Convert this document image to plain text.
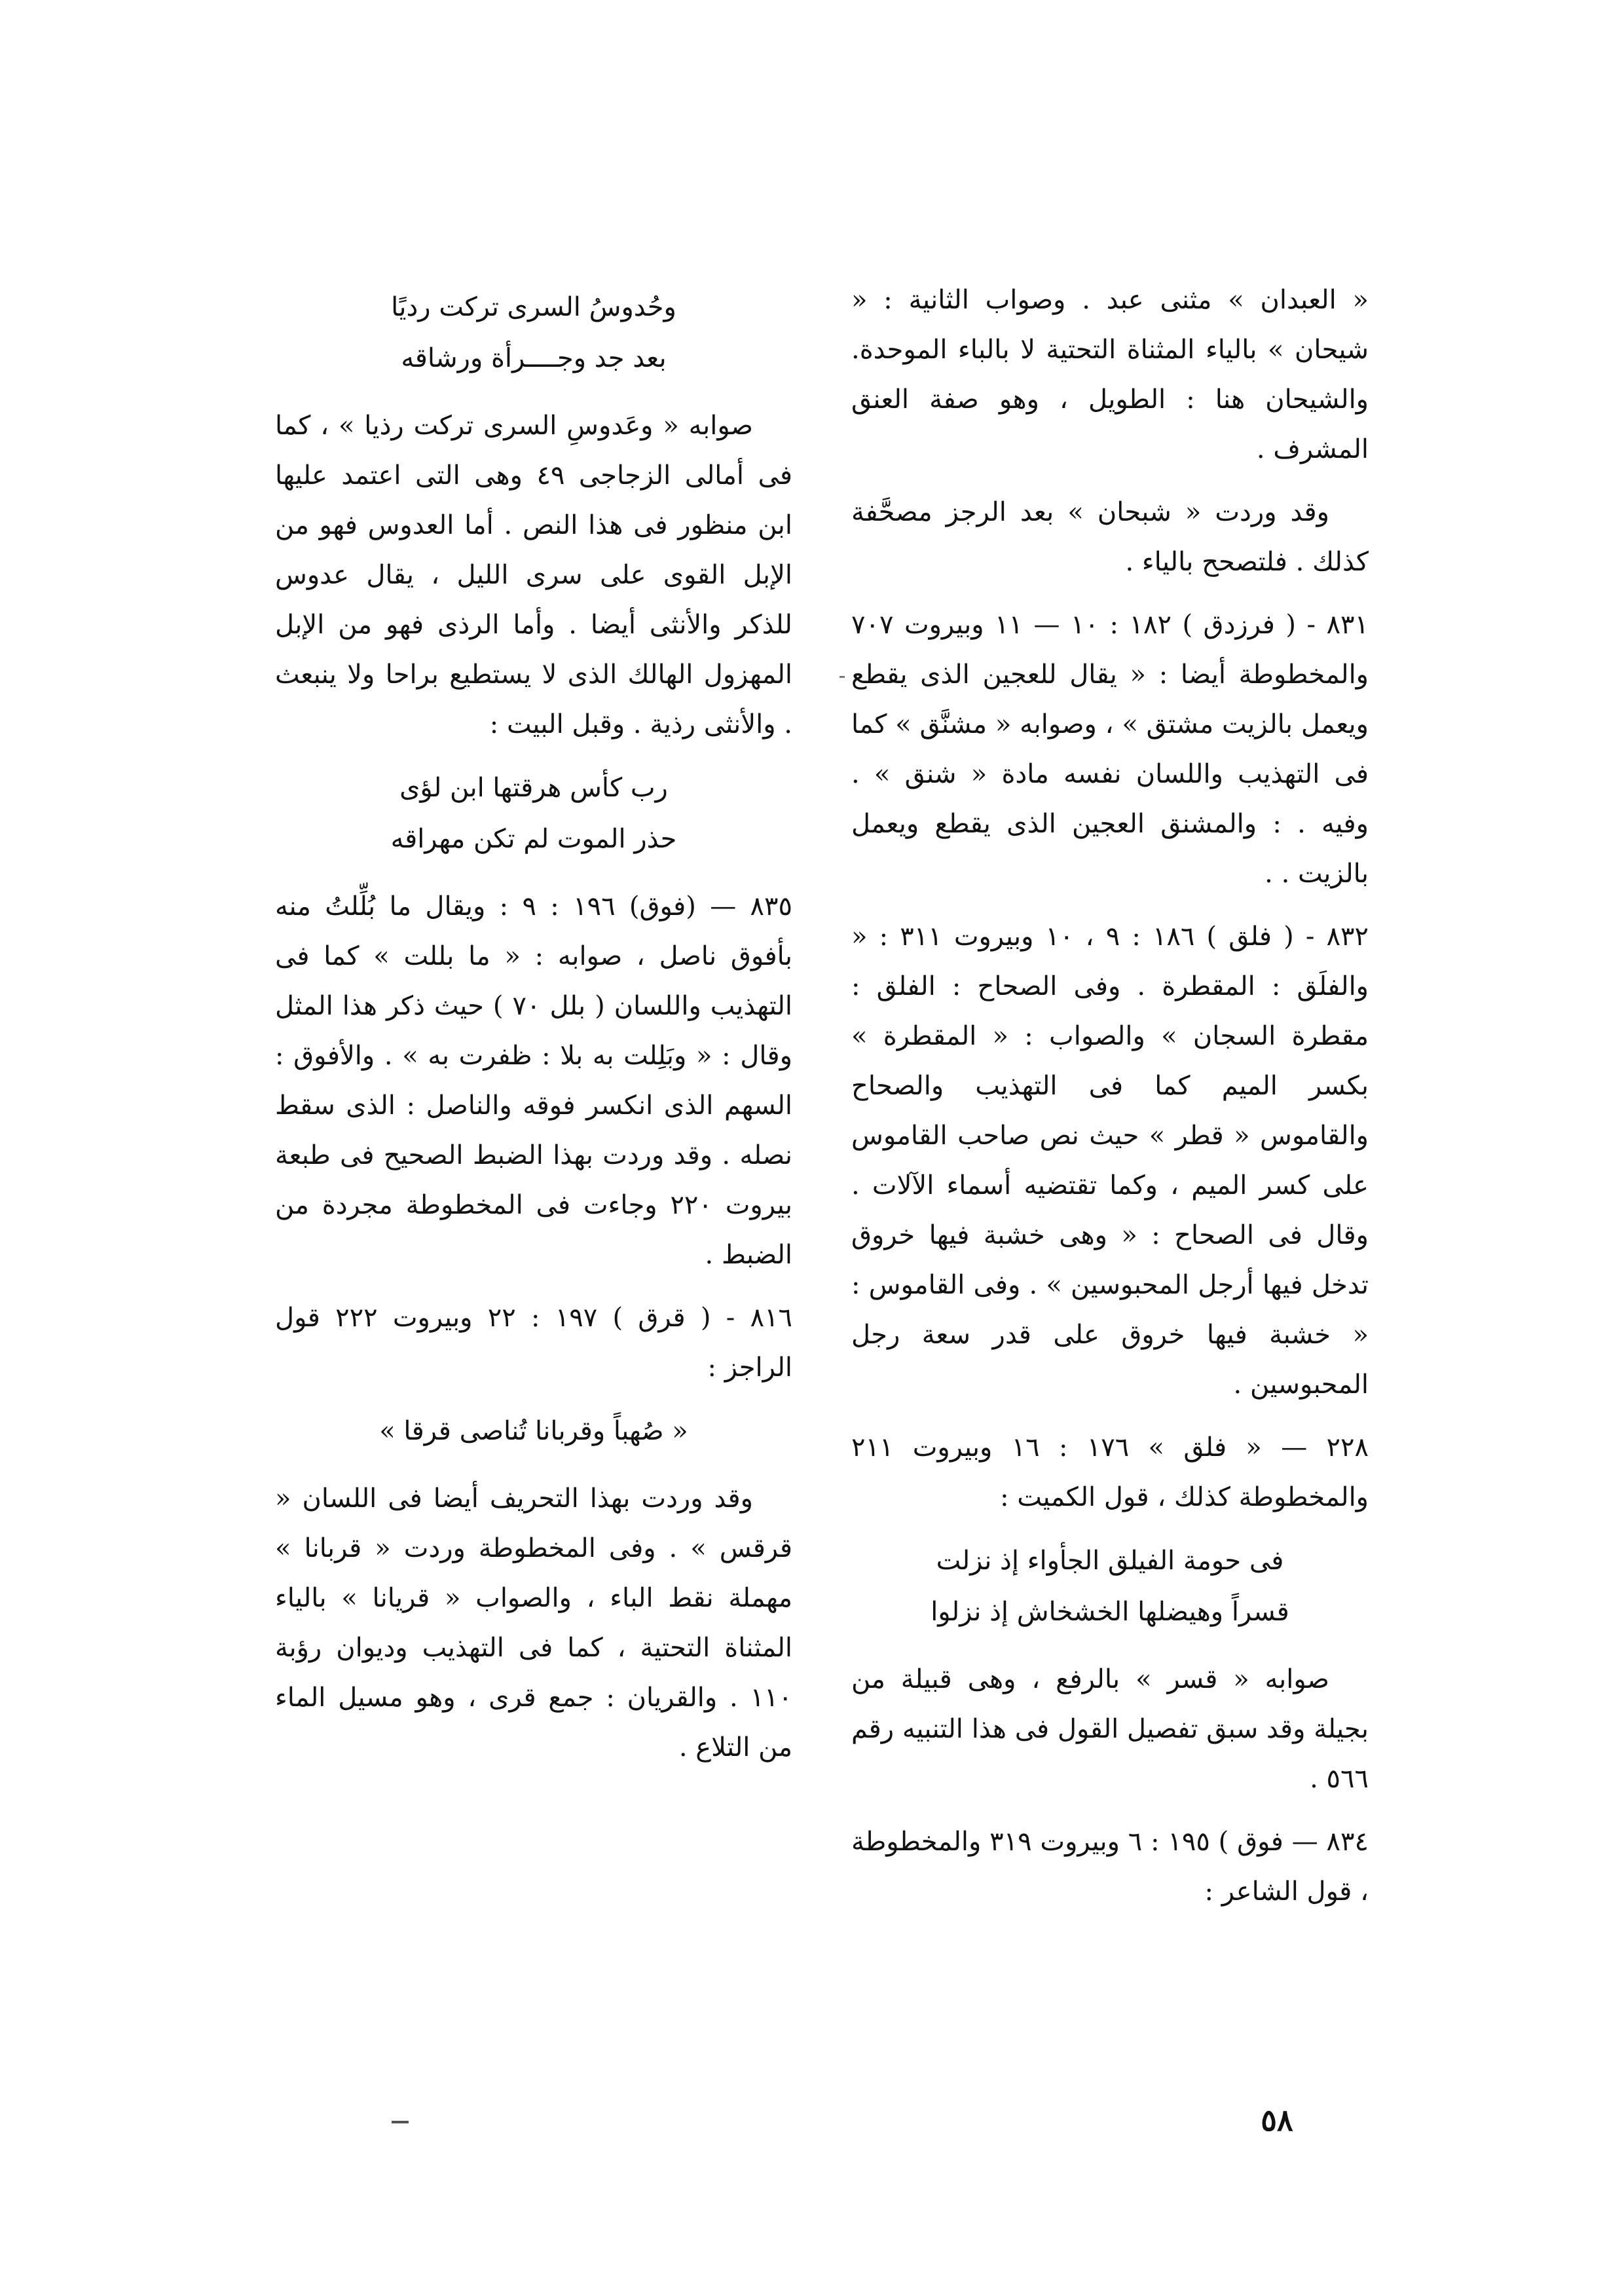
« العبدان » مثنى عبد . وصواب الثانية : « شيحان » بالياء المثناة التحتية لا بالباء الموحدة. والشيحان هنا : الطويل ، وهو صفة العنق المشرف .

وقد وردت « شبحان » بعد الرجز مصحَّفة كذلك . فلتصحح بالياء .

٨٣١ - ( فرزدق ) ١٨٢ : ١٠ — ١١ وبيروت ٧٠٧ والمخطوطة أيضا : « يقال للعجين الذى يقطع ويعمل بالزيت مشتق » ، وصوابه « مشنَّق » كما فى التهذيب واللسان نفسه مادة « شنق » . وفيه . : والمشنق العجين الذى يقطع ويعمل بالزيت . .

٨٣٢ - ( فلق ) ١٨٦ : ٩ ، ١٠ وبيروت ٣١١ : « والفلَق : المقطرة . وفى الصحاح : الفلق : مقطرة السجان » والصواب : « المقطرة » بكسر الميم كما فى التهذيب والصحاح والقاموس « قطر » حيث نص صاحب القاموس على كسر الميم ، وكما تقتضيه أسماء الآلات . وقال فى الصحاح : « وهى خشبة فيها خروق تدخل فيها أرجل المحبوسين » . وفى القاموس : « خشبة فيها خروق على قدر سعة رجل المحبوسين .

٢٢٨ — « فلق » ١٧٦ : ١٦ وبيروت ٢١١ والمخطوطة كذلك ، قول الكميت :

فى حومة الفيلق الجأواء إذ نزلت

قسراً وهيضلها الخشخاش إذ نزلوا

صوابه « قسر » بالرفع ، وهى قبيلة من بجيلة وقد سبق تفصيل القول فى هذا التنبيه رقم ٥٦٦ .

٨٣٤ — فوق ) ١٩٥ : ٦ وبيروت ٣١٩ والمخطوطة ، قول الشاعر :

وحُدوسُ السرى تركت رديًا

بعد جد وجــــرأة ورشاقه

صوابه « وعَدوسِ السرى تركت رذيا » ، كما فى أمالى الزجاجى ٤٩ وهى التى اعتمد عليها ابن منظور فى هذا النص . أما العدوس فهو من الإبل القوى على سرى الليل ، يقال عدوس للذكر والأنثى أيضا . وأما الرذى فهو من الإبل المهزول الهالك الذى لا يستطيع براحا ولا ينبعث . والأنثى رذية . وقبل البيت :

رب كأس هرقتها ابن لؤى

حذر الموت لم تكن مهراقه

٨٣٥ — (فوق) ١٩٦ : ٩ : ويقال ما بُلِّلتُ منه بأفوق ناصل ، صوابه : « ما بللت » كما فى التهذيب واللسان ( بلل ٧٠ ) حيث ذكر هذا المثل وقال : « وبَلِلت به بلا : ظفرت به » . والأفوق : السهم الذى انكسر فوقه والناصل : الذى سقط نصله . وقد وردت بهذا الضبط الصحيح فى طبعة بيروت ٢٢٠ وجاءت فى المخطوطة مجردة من الضبط .

٨١٦ - ( قرق ) ١٩٧ : ٢٢ وبيروت ٢٢٢ قول الراجز :

« صُهباً وقربانا تُناصى قرقا »

وقد وردت بهذا التحريف أيضا فى اللسان « قرقس » . وفى المخطوطة وردت « قربانا » مهملة نقط الباء ، والصواب « قريانا » بالياء المثناة التحتية ، كما فى التهذيب وديوان رؤبة ١١٠ . والقريان : جمع قرى ، وهو مسيل الماء من التلاع .

٥٨
